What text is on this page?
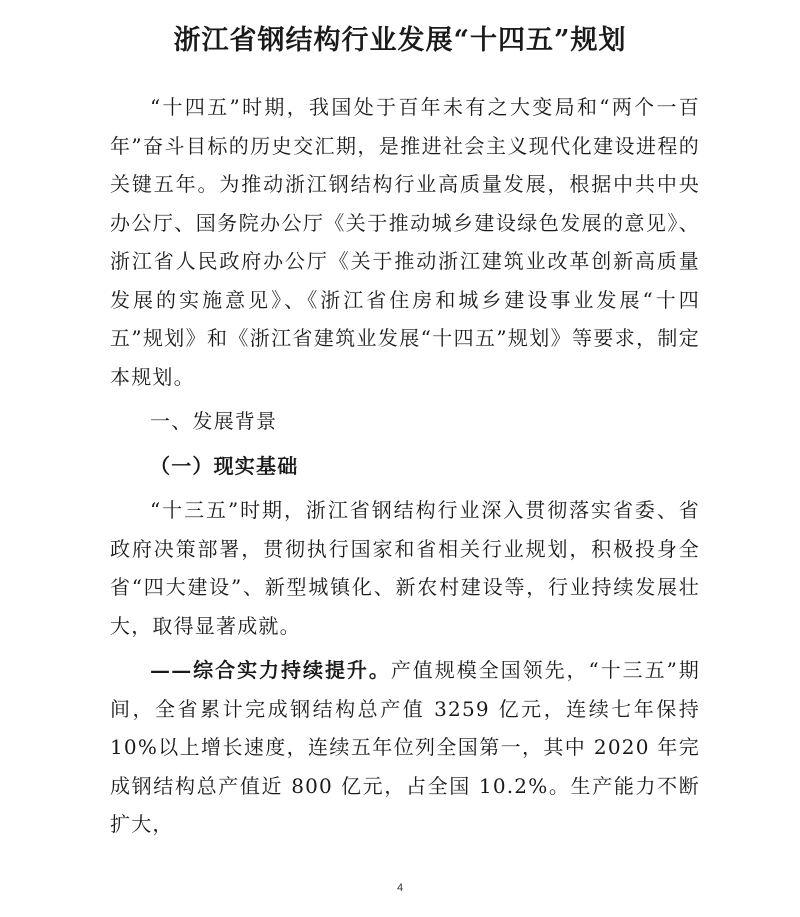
浙江省钢结构行业发展“十四五”规划

“十四五”时期，我国处于百年未有之大变局和“两个一百年”奋斗目标的历史交汇期，是推进社会主义现代化建设进程的关键五年。为推动浙江钢结构行业高质量发展，根据中共中央办公厅、国务院办公厅《关于推动城乡建设绿色发展的意见》、浙江省人民政府办公厅《关于推动浙江建筑业改革创新高质量发展的实施意见》、《浙江省住房和城乡建设事业发展“十四五”规划》和《浙江省建筑业发展“十四五”规划》等要求，制定本规划。

一、发展背景

（一）现实基础

“十三五”时期，浙江省钢结构行业深入贯彻落实省委、省政府决策部署，贯彻执行国家和省相关行业规划，积极投身全省“四大建设”、新型城镇化、新农村建设等，行业持续发展壮大，取得显著成就。

——综合实力持续提升。产值规模全国领先，“十三五”期间，全省累计完成钢结构总产值 3259 亿元，连续七年保持10%以上增长速度，连续五年位列全国第一，其中 2020 年完成钢结构总产值近 800 亿元，占全国 10.2%。生产能力不断扩大，

4
